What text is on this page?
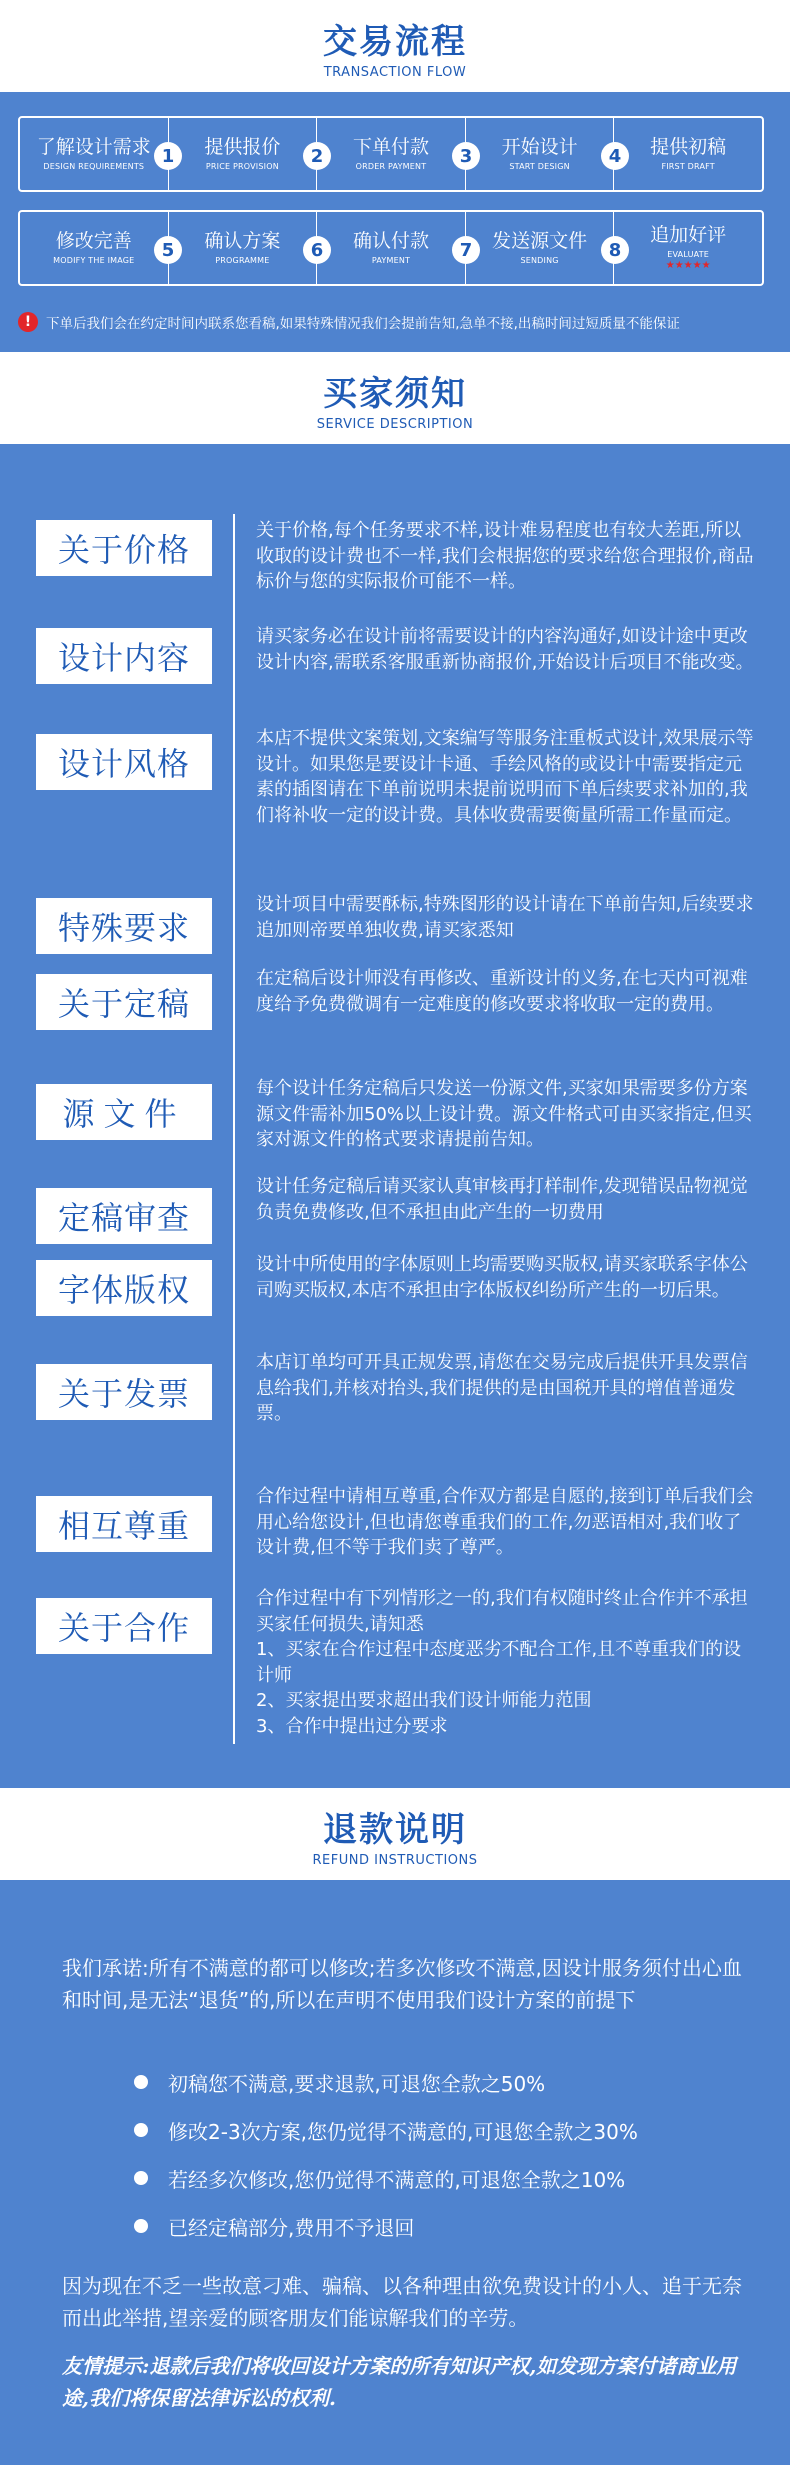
交易流程
TRANSACTION FLOW
了解设计需求
DESIGN REQUIREMENTS
提供报价
PRICE PROVISION
下单付款
ORDER PAYMENT
开始设计
START DESIGN
提供初稿
FIRST DRAFT
1	2	3	4
修改完善
MODIFY THE IMAGE
确认方案
PROGRAMME
确认付款
PAYMENT
发送源文件
SENDING
追加好评
EVALUATE
★★★★★
5	6	7	8
!	下单后我们会在约定时间内联系您看稿,如果特殊情况我们会提前告知,急单不接,出稿时间过短质量不能保证
买家须知
SERVICE DESCRIPTION
关于价格
关于价格,每个任务要求不样,设计难易程度也有较大差距,所以收取的设计费也不一样,我们会根据您的要求给您合理报价,商品标价与您的实际报价可能不一样。
设计内容
请买家务必在设计前将需要设计的内容沟通好,如设计途中更改设计内容,需联系客服重新协商报价,开始设计后项目不能改变。
设计风格
本店不提供文案策划,文案编写等服务注重板式设计,效果展示等设计。如果您是要设计卡通、手绘风格的或设计中需要指定元素的插图请在下单前说明未提前说明而下单后续要求补加的,我们将补收一定的设计费。具体收费需要衡量所需工作量而定。
特殊要求
设计项目中需要酥标,特殊图形的设计请在下单前告知,后续要求追加则帝要单独收费,请买家悉知
关于定稿
在定稿后设计师没有再修改、重新设计的义务,在七天内可视难度给予免费微调有一定难度的修改要求将收取一定的费用。
源文件
每个设计任务定稿后只发送一份源文件,买家如果需要多份方案源文件需补加50%以上设计费。源文件格式可由买家指定,但买家对源文件的格式要求请提前告知。
定稿审查
设计任务定稿后请买家认真审核再打样制作,发现错误品物视觉负责免费修改,但不承担由此产生的一切费用
字体版权
设计中所使用的字体原则上均需要购买版权,请买家联系字体公司购买版权,本店不承担由字体版权纠纷所产生的一切后果。
关于发票
本店订单均可开具正规发票,请您在交易完成后提供开具发票信息给我们,并核对抬头,我们提供的是由国税开具的增值普通发票。
相互尊重
合作过程中请相互尊重,合作双方都是自愿的,接到订单后我们会用心给您设计,但也请您尊重我们的工作,勿恶语相对,我们收了设计费,但不等于我们卖了尊严。
关于合作
合作过程中有下列情形之一的,我们有权随时终止合作并不承担买家任何损失,请知悉
1、买家在合作过程中态度恶劣不配合工作,且不尊重我们的设计师
2、买家提出要求超出我们设计师能力范围
3、合作中提出过分要求
退款说明
REFUND INSTRUCTIONS
我们承诺:所有不满意的都可以修改;若多次修改不满意,因设计服务须付出心血和时间,是无法“退货”的,所以在声明不使用我们设计方案的前提下
初稿您不满意,要求退款,可退您全款之50%
修改2-3次方案,您仍觉得不满意的,可退您全款之30%
若经多次修改,您仍觉得不满意的,可退您全款之10%
已经定稿部分,费用不予退回
因为现在不乏一些故意刁难、骗稿、以各种理由欲免费设计的小人、追于无奈而出此举措,望亲爱的顾客朋友们能谅解我们的辛劳。
友情提示:退款后我们将收回设计方案的所有知识产权,如发现方案付诸商业用途,我们将保留法律诉讼的权利.
